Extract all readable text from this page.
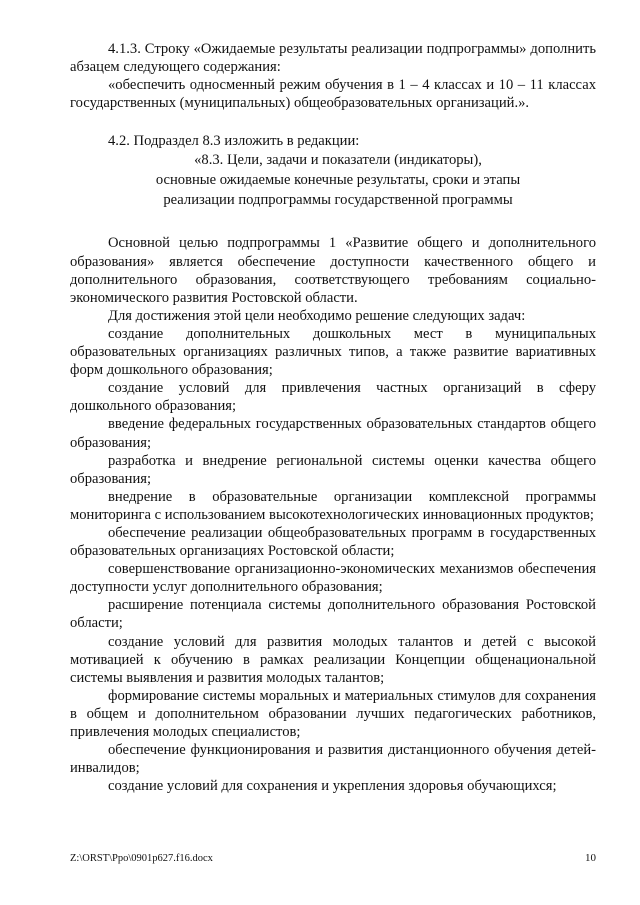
4.1.3. Строку «Ожидаемые результаты реализации подпрограммы» дополнить абзацем следующего содержания:

«обеспечить односменный режим обучения в 1 – 4 классах и 10 – 11 классах государственных (муниципальных) общеобразовательных организаций.».

4.2. Подраздел 8.3 изложить в редакции:

«8.3. Цели, задачи и показатели (индикаторы),
основные ожидаемые конечные результаты, сроки и этапы
реализации подпрограммы государственной программы

Основной целью подпрограммы 1 «Развитие общего и дополнительного образования» является обеспечение доступности качественного общего и дополнительного образования, соответствующего требованиям социально-экономического развития Ростовской области.

Для достижения этой цели необходимо решение следующих задач:

создание дополнительных дошкольных мест в муниципальных образовательных организациях различных типов, а также развитие вариативных форм дошкольного образования;

создание условий для привлечения частных организаций в сферу дошкольного образования;

введение федеральных государственных образовательных стандартов общего образования;

разработка и внедрение региональной системы оценки качества общего образования;

внедрение в образовательные организации комплексной программы мониторинга с использованием высокотехнологических инновационных продуктов;

обеспечение реализации общеобразовательных программ в государственных образовательных организациях Ростовской области;

совершенствование организационно-экономических механизмов обеспечения доступности услуг дополнительного образования;

расширение потенциала системы дополнительного образования Ростовской области;

создание условий для развития молодых талантов и детей с высокой мотивацией к обучению в рамках реализации Концепции общенациональной системы выявления и развития молодых талантов;

формирование системы моральных и материальных стимулов для сохранения в общем и дополнительном образовании лучших педагогических работников, привлечения молодых специалистов;

обеспечение функционирования и развития дистанционного обучения детей-инвалидов;

создание условий для сохранения и укрепления здоровья обучающихся;

Z:\ORST\Ppo\0901p627.f16.docx	10
